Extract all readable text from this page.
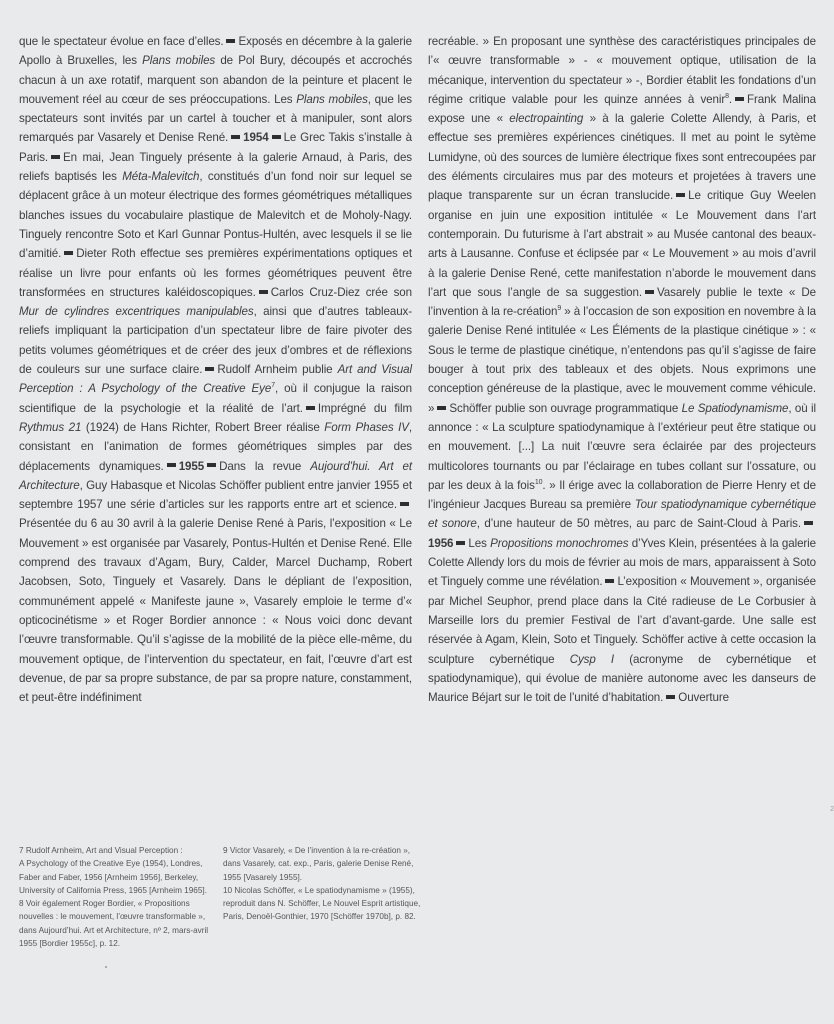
que le spectateur évolue en face d’elles. Exposés en décembre à la galerie Apollo à Bruxelles, les Plans mobiles de Pol Bury, découpés et accrochés chacun à un axe rotatif, marquent son abandon de la peinture et placent le mouvement réel au cœur de ses préoccupations. Les Plans mobiles, que les spectateurs sont invités par un cartel à toucher et à manipuler, sont alors remarqués par Vasarely et Denise René. 1954 Le Grec Takis s’installe à Paris. En mai, Jean Tinguely présente à la galerie Arnaud, à Paris, des reliefs baptisés les Méta-Malevitch, constitués d’un fond noir sur lequel se déplacent grâce à un moteur électrique des formes géométriques métalliques blanches issues du vocabulaire plastique de Malevitch et de Moholy-Nagy. Tinguely rencontre Soto et Karl Gunnar Pontus-Hultén, avec lesquels il se lie d’amitié. Dieter Roth effectue ses premières expérimentations optiques et réalise un livre pour enfants où les formes géométriques peuvent être transformées en structures kaléidoscopiques. Carlos Cruz-Diez crée son Mur de cylindres excentriques manipulables, ainsi que d’autres tableaux-reliefs impliquant la participation d’un spectateur libre de faire pivoter des petits volumes géométriques et de créer des jeux d’ombres et de réflexions de couleurs sur une surface claire. Rudolf Arnheim publie Art and Visual Perception : A Psychology of the Creative Eye$^7$, où il conjugue la raison scientifique de la psychologie et la réalité de l’art. Imprégné du film Rythmus 21 (1924) de Hans Richter, Robert Breer réalise Form Phases IV, consistant en l’animation de formes géométriques simples par des déplacements dynamiques. 1955 Dans la revue Aujourd’hui. Art et Architecture, Guy Habasque et Nicolas Schöffer publient entre janvier 1955 et septembre 1957 une série d’articles sur les rapports entre art et science.Présentée du 6 au 30 avril à la galerie Denise René à Paris, l’exposition « Le Mouvement » est organisée par Vasarely, Pontus-Hultén et Denise René. Elle comprend des travaux d’Agam, Bury, Calder, Marcel Duchamp, Robert Jacobsen, Soto, Tinguely et Vasarely. Dans le dépliant de l’exposition, communément appelé « Manifeste jaune », Vasarely emploie le terme d’« opticocinétisme » et Roger Bordier annonce : « Nous voici donc devant l’œuvre transformable. Qu’il s’agisse de la mobilité de la pièce elle-même, du mouvement optique, de l’intervention du spectateur, en fait, l’œuvre d’art est devenue, de par sa propre substance, de par sa propre nature, constamment, et peut-être indéfiniment

recréable. » En proposant une synthèse des caractéristiques principales de l’« œuvre transformable » - « mouvement optique, utilisation de la mécanique, intervention du spectateur » -, Bordier établit les fondations d’un régime critique valable pour les quinze années à venir$^8$. Frank Malina expose une « electropainting » à la galerie Colette Allendy, à Paris, et effectue ses premières expériences cinétiques. Il met au point le sytème Lumidyne, où des sources de lumière électrique fixes sont entrecoupées par des éléments circulaires mus par des moteurs et projetées à travers une plaque transparente sur un écran translucide. Le critique Guy Weelen organise en juin une exposition intitulée « Le Mouvement dans l’art contemporain. Du futurisme à l’art abstrait » au Musée cantonal des beaux-arts à Lausanne. Confuse et éclipsée par « Le Mouvement » au mois d’avril à la galerie Denise René, cette manifestation n’aborde le mouvement dans l’art que sous l’angle de sa suggestion. Vasarely publie le texte « De l’invention à la re-création$^9$ » à l’occasion de son exposition en novembre à la galerie Denise René intitulée « Les Éléments de la plastique cinétique » : « Sous le terme de plastique cinétique, n’entendons pas qu’il s’agisse de faire bouger à tout prix des tableaux et des objets. Nous exprimons une conception généreuse de la plastique, avec le mouvement comme véhicule. » Schöffer publie son ouvrage programmatique Le Spatiodynamisme, où il annonce : « La sculpture spatiodynamique à l’extérieur peut être statique ou en mouvement. [...] La nuit l’œuvre sera éclairée par des projecteurs multicolores tournants ou par l’éclairage en tubes collant sur l’ossature, ou par les deux à la fois$^{10}$. » Il érige avec la collaboration de Pierre Henry et de l’ingénieur Jacques Bureau sa première Tour spatiodynamique cybernétique et sonore, d’une hauteur de 50 mètres, au parc de Saint-Cloud à Paris.1956 Les Propositions monochromes d’Yves Klein, présentées à la galerie Colette Allendy lors du mois de février au mois de mars, apparaissent à Soto et Tinguely comme une révélation. L’exposition « Mouvement », organisée par Michel Seuphor, prend place dans la Cité radieuse de Le Corbusier à Marseille lors du premier Festival de l’art d’avant-garde. Une salle est réservée à Agam, Klein, Soto et Tinguely. Schöffer active à cette occasion la sculpture cybernétique Cysp I (acronyme de cybernétique et spatiodynamique), qui évolue de manière autonome avec les danseurs de Maurice Béjart sur le toit de l’unité d’habitation. Ouverture

7 Rudolf Arnheim, Art and Visual Perception :

A Psychology of the Creative Eye (1954), Londres,

Faber and Faber, 1956 [Arnheim 1956], Berkeley,

University of California Press, 1965 [Arnheim 1965].

8 Voir également Roger Bordier, « Propositions

nouvelles : le mouvement, l’œuvre transformable »,

dans Aujourd’hui. Art et Architecture, nº 2, mars-avril

1955 [Bordier 1955c], p. 12.

9 Victor Vasarely, « De l’invention à la re-création »,

dans Vasarely, cat. exp., Paris, galerie Denise René,

1955 [Vasarely 1955].

10 Nicolas Schöffer, « Le spatiodynamisme » (1955),

reproduit dans N. Schöffer, Le Nouvel Esprit artistique,

Paris, Denoël-Gonthier, 1970 [Schöffer 1970b], p. 82.

2
